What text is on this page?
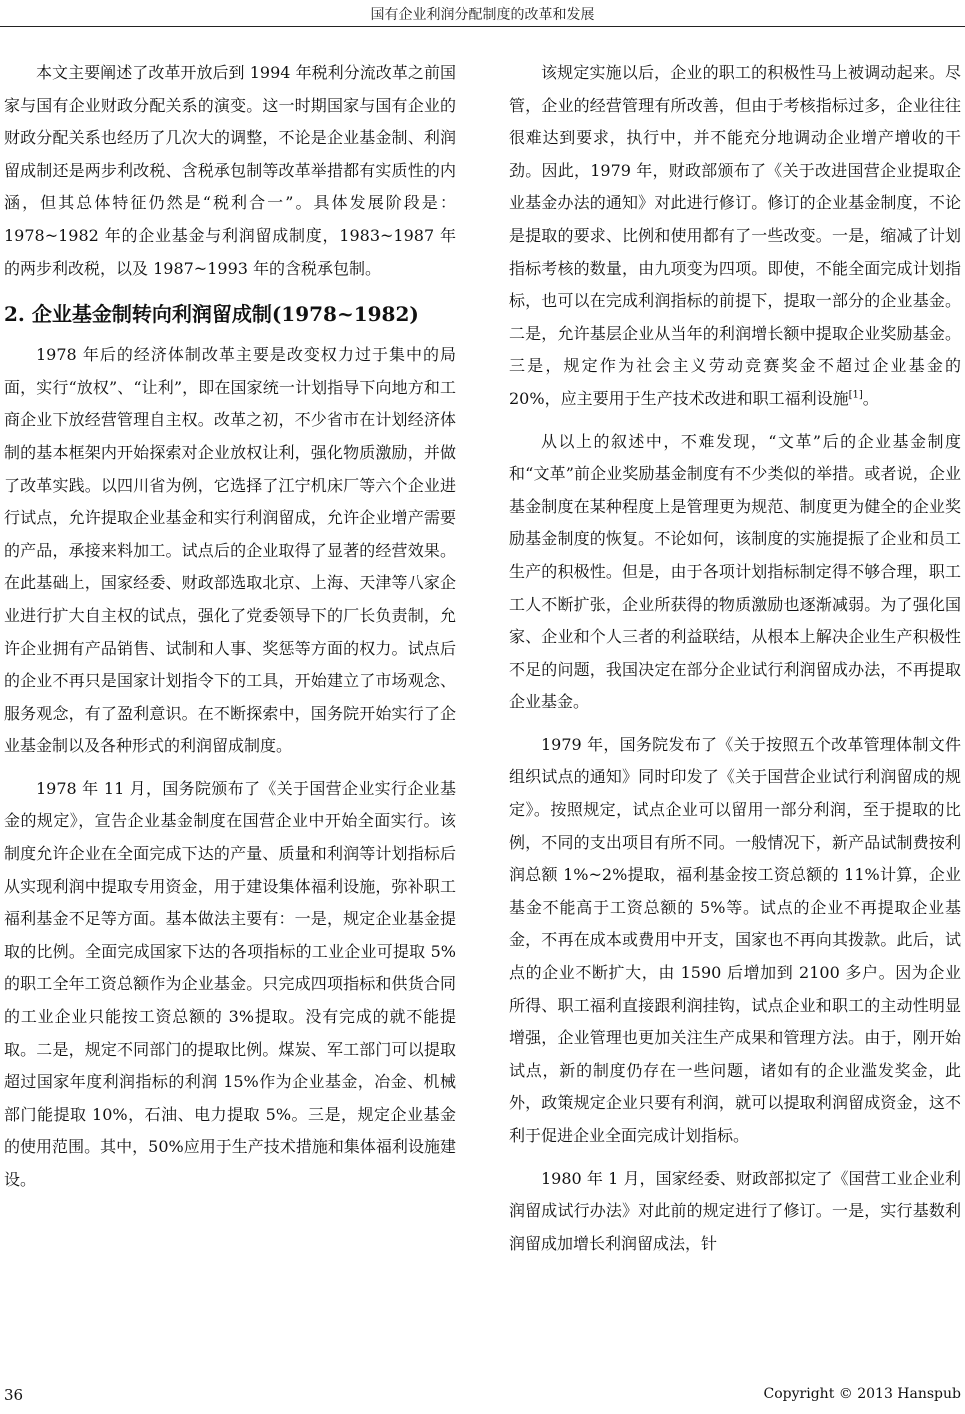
国有企业利润分配制度的改革和发展

本文主要阐述了改革开放后到 1994 年税利分流改革之前国家与国有企业财政分配关系的演变。这一时期国家与国有企业的财政分配关系也经历了几次大的调整，不论是企业基金制、利润留成制还是两步利改税、含税承包制等改革举措都有实质性的内涵，但其总体特征仍然是“税利合一”。具体发展阶段是：1978~1982 年的企业基金与利润留成制度，1983~1987 年的两步利改税，以及 1987~1993 年的含税承包制。

2. 企业基金制转向利润留成制(1978~1982)

1978 年后的经济体制改革主要是改变权力过于集中的局面，实行“放权”、“让利”，即在国家统一计划指导下向地方和工商企业下放经营管理自主权。改革之初，不少省市在计划经济体制的基本框架内开始探索对企业放权让利，强化物质激励，并做了改革实践。以四川省为例，它选择了江宁机床厂等六个企业进行试点，允许提取企业基金和实行利润留成，允许企业增产需要的产品，承接来料加工。试点后的企业取得了显著的经营效果。在此基础上，国家经委、财政部选取北京、上海、天津等八家企业进行扩大自主权的试点，强化了党委领导下的厂长负责制，允许企业拥有产品销售、试制和人事、奖惩等方面的权力。试点后的企业不再只是国家计划指令下的工具，开始建立了市场观念、服务观念，有了盈利意识。在不断探索中，国务院开始实行了企业基金制以及各种形式的利润留成制度。

1978 年 11 月，国务院颁布了《关于国营企业实行企业基金的规定》，宣告企业基金制度在国营企业中开始全面实行。该制度允许企业在全面完成下达的产量、质量和利润等计划指标后从实现利润中提取专用资金，用于建设集体福利设施，弥补职工福利基金不足等方面。基本做法主要有：一是，规定企业基金提取的比例。全面完成国家下达的各项指标的工业企业可提取 5%的职工全年工资总额作为企业基金。只完成四项指标和供货合同的工业企业只能按工资总额的 3%提取。没有完成的就不能提取。二是，规定不同部门的提取比例。煤炭、军工部门可以提取超过国家年度利润指标的利润 15%作为企业基金，冶金、机械部门能提取 10%，石油、电力提取 5%。三是，规定企业基金的使用范围。其中，50%应用于生产技术措施和集体福利设施建设。

该规定实施以后，企业的职工的积极性马上被调动起来。尽管，企业的经营管理有所改善，但由于考核指标过多，企业往往很难达到要求，执行中，并不能充分地调动企业增产增收的干劲。因此，1979 年，财政部颁布了《关于改进国营企业提取企业基金办法的通知》对此进行修订。修订的企业基金制度，不论是提取的要求、比例和使用都有了一些改变。一是，缩减了计划指标考核的数量，由九项变为四项。即使，不能全面完成计划指标，也可以在完成利润指标的前提下，提取一部分的企业基金。二是，允许基层企业从当年的利润增长额中提取企业奖励基金。三是，规定作为社会主义劳动竞赛奖金不超过企业基金的 20%，应主要用于生产技术改进和职工福利设施[1]。

从以上的叙述中，不难发现，“文革”后的企业基金制度和“文革”前企业奖励基金制度有不少类似的举措。或者说，企业基金制度在某种程度上是管理更为规范、制度更为健全的企业奖励基金制度的恢复。不论如何，该制度的实施提振了企业和员工生产的积极性。但是，由于各项计划指标制定得不够合理，职工工人不断扩张，企业所获得的物质激励也逐渐减弱。为了强化国家、企业和个人三者的利益联结，从根本上解决企业生产积极性不足的问题，我国决定在部分企业试行利润留成办法，不再提取企业基金。

1979 年，国务院发布了《关于按照五个改革管理体制文件组织试点的通知》同时印发了《关于国营企业试行利润留成的规定》。按照规定，试点企业可以留用一部分利润，至于提取的比例，不同的支出项目有所不同。一般情况下，新产品试制费按利润总额 1%~2%提取，福利基金按工资总额的 11%计算，企业基金不能高于工资总额的 5%等。试点的企业不再提取企业基金，不再在成本或费用中开支，国家也不再向其拨款。此后，试点的企业不断扩大，由 1590 后增加到 2100 多户。因为企业所得、职工福利直接跟利润挂钩，试点企业和职工的主动性明显增强，企业管理也更加关注生产成果和管理方法。由于，刚开始试点，新的制度仍存在一些问题，诸如有的企业滥发奖金，此外，政策规定企业只要有利润，就可以提取利润留成资金，这不利于促进企业全面完成计划指标。

1980 年 1 月，国家经委、财政部拟定了《国营工业企业利润留成试行办法》对此前的规定进行了修订。一是，实行基数利润留成加增长利润留成法，针

36	Copyright © 2013 Hanspub
